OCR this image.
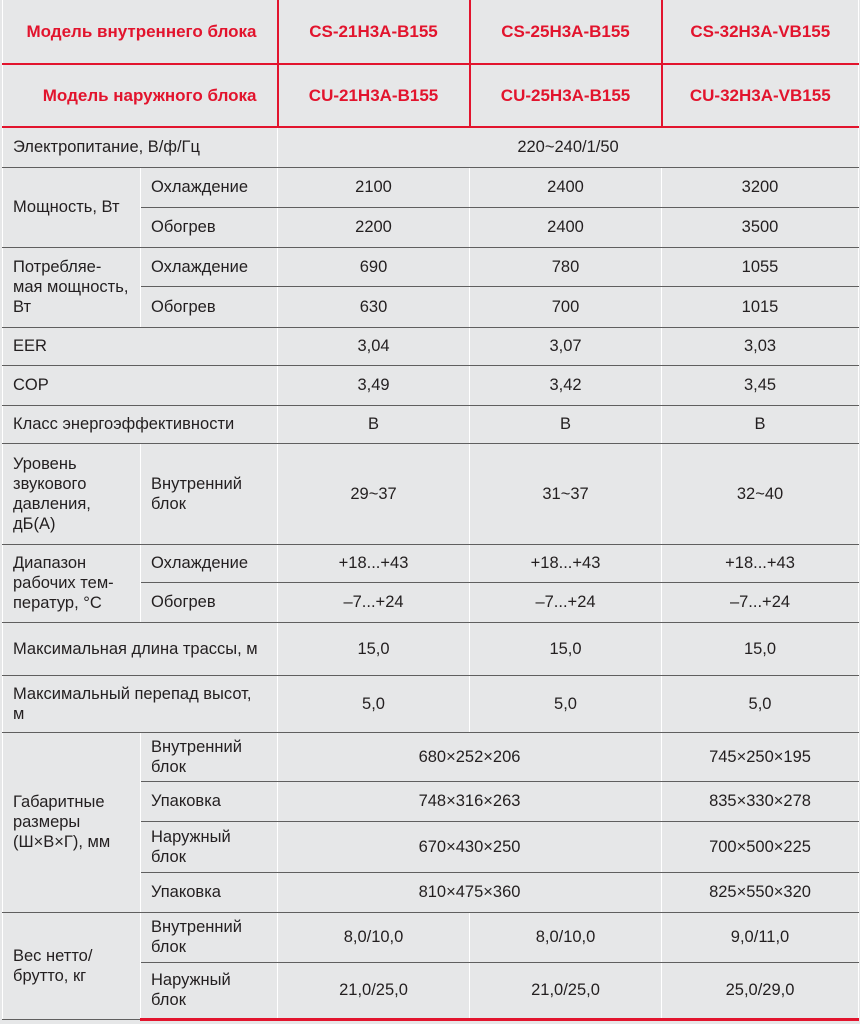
Модель внутреннего блока		CS-21H3A-B155	CS-25H3A-B155	CS-32H3A-VB155
Модель наружного блока		CU-21H3A-B155	CU-25H3A-B155	CU-32H3A-VB155
Электропитание, В/ф/Гц		220~240/1/50		
Мощность, Вт	Охлаждение	2100	2400	3200
	Обогрев	2200	2400	3500
Потребляе-мая мощность, Вт	Охлаждение	690	780	1055
	Обогрев	630	700	1015
EER		3,04	3,07	3,03
COP		3,49	3,42	3,45
Класс энергоэффективности		B	B	B
Уровень звукового давления, дБ(А)	Внутренний блок	29~37	31~37	32~40
Диапазон рабочих тем-ператур, °С	Охлаждение	+18...+43	+18...+43	+18...+43
	Обогрев	–7...+24	–7...+24	–7...+24
Максимальная длина трассы, м		15,0	15,0	15,0
Максимальный перепад высот, м		5,0	5,0	5,0
Габаритные размеры (Ш×В×Г), мм	Внутренний блок	680×252×206		745×250×195
	Упаковка	748×316×263		835×330×278
	Наружный блок	670×430×250		700×500×225
	Упаковка	810×475×360		825×550×320
Вес нетто/брутто, кг	Внутренний блок	8,0/10,0	8,0/10,0	9,0/11,0
	Наружный блок	21,0/25,0	21,0/25,0	25,0/29,0
